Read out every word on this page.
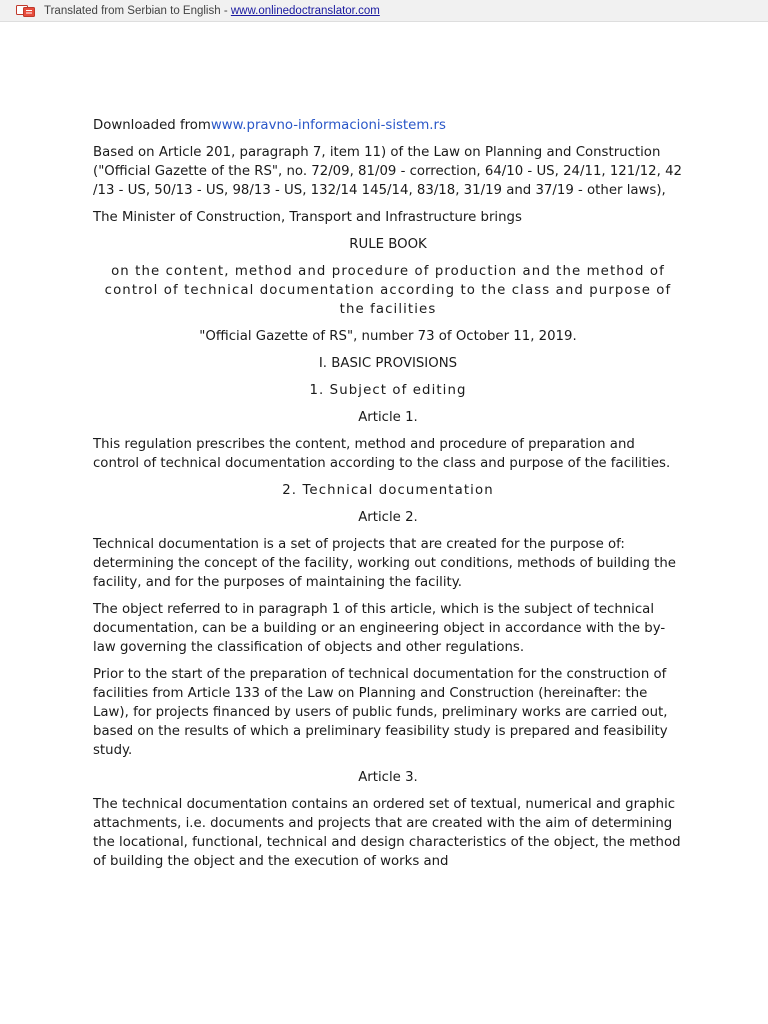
Translated from Serbian to English - www.onlinedoctranslator.com

Downloaded fromwww.pravno-informacioni-sistem.rs

Based on Article 201, paragraph 7, item 11) of the Law on Planning and Construction ("Official Gazette of the RS", no. 72/09, 81/09 - correction, 64/10 - US, 24/11, 121/12, 42 /13 - US, 50/13 - US, 98/13 - US, 132/14 145/14, 83/18, 31/19 and 37/19 - other laws),

The Minister of Construction, Transport and Infrastructure brings

RULE BOOK

on the content, method and procedure of production and the method of control of technical documentation according to the class and purpose of the facilities

"Official Gazette of RS", number 73 of October 11, 2019.

I. BASIC PROVISIONS

1. Subject of editing

Article 1.

This regulation prescribes the content, method and procedure of preparation and control of technical documentation according to the class and purpose of the facilities.

2. Technical documentation

Article 2.

Technical documentation is a set of projects that are created for the purpose of: determining the concept of the facility, working out conditions, methods of building the facility, and for the purposes of maintaining the facility.

The object referred to in paragraph 1 of this article, which is the subject of technical documentation, can be a building or an engineering object in accordance with the by-law governing the classification of objects and other regulations.

Prior to the start of the preparation of technical documentation for the construction of facilities from Article 133 of the Law on Planning and Construction (hereinafter: the Law), for projects financed by users of public funds, preliminary works are carried out, based on the results of which a preliminary feasibility study is prepared and feasibility study.

Article 3.

The technical documentation contains an ordered set of textual, numerical and graphic attachments, i.e. documents and projects that are created with the aim of determining the locational, functional, technical and design characteristics of the object, the method of building the object and the execution of works and
